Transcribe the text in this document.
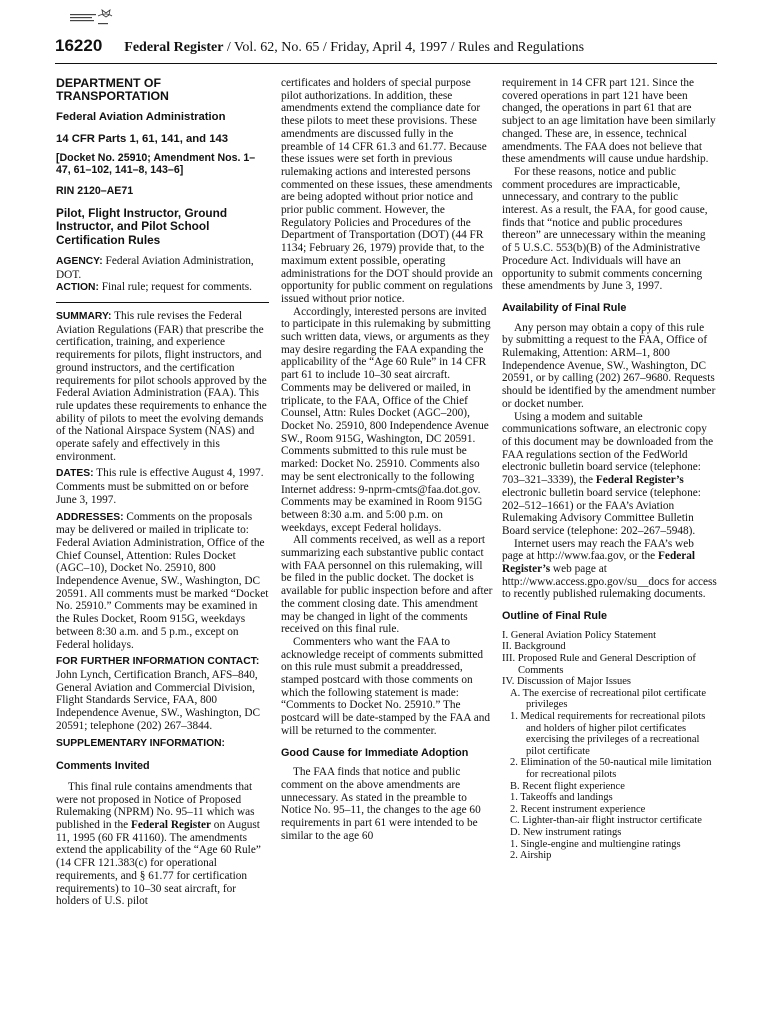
16220 Federal Register / Vol. 62, No. 65 / Friday, April 4, 1997 / Rules and Regulations

DEPARTMENT OF TRANSPORTATION

Federal Aviation Administration

14 CFR Parts 1, 61, 141, and 143

[Docket No. 25910; Amendment Nos. 1–47, 61–102, 141–8, 143–6]

RIN 2120–AE71

Pilot, Flight Instructor, Ground Instructor, and Pilot School Certification Rules

AGENCY: Federal Aviation Administration, DOT.

ACTION: Final rule; request for comments.

SUMMARY: This rule revises the Federal Aviation Regulations (FAR) that prescribe the certification, training, and experience requirements for pilots, flight instructors, and ground instructors, and the certification requirements for pilot schools approved by the Federal Aviation Administration (FAA). This rule updates these requirements to enhance the ability of pilots to meet the evolving demands of the National Airspace System (NAS) and operate safely and effectively in this environment.

DATES: This rule is effective August 4, 1997. Comments must be submitted on or before June 3, 1997.

ADDRESSES: Comments on the proposals may be delivered or mailed in triplicate to: Federal Aviation Administration, Office of the Chief Counsel, Attention: Rules Docket (AGC–10), Docket No. 25910, 800 Independence Avenue, SW., Washington, DC 20591. All comments must be marked “Docket No. 25910.” Comments may be examined in the Rules Docket, Room 915G, weekdays between 8:30 a.m. and 5 p.m., except on Federal holidays.

FOR FURTHER INFORMATION CONTACT: John Lynch, Certification Branch, AFS–840, General Aviation and Commercial Division, Flight Standards Service, FAA, 800 Independence Avenue, SW., Washington, DC 20591; telephone (202) 267–3844.

SUPPLEMENTARY INFORMATION:

Comments Invited

This final rule contains amendments that were not proposed in Notice of Proposed Rulemaking (NPRM) No. 95–11 which was published in the Federal Register on August 11, 1995 (60 FR 41160). The amendments extend the applicability of the “Age 60 Rule” (14 CFR 121.383(c) for operational requirements, and § 61.77 for certification requirements) to 10–30 seat aircraft, for holders of U.S. pilot

certificates and holders of special purpose pilot authorizations. In addition, these amendments extend the compliance date for these pilots to meet these provisions. These amendments are discussed fully in the preamble of 14 CFR 61.3 and 61.77. Because these issues were set forth in previous rulemaking actions and interested persons commented on these issues, these amendments are being adopted without prior notice and prior public comment. However, the Regulatory Policies and Procedures of the Department of Transportation (DOT) (44 FR 1134; February 26, 1979) provide that, to the maximum extent possible, operating administrations for the DOT should provide an opportunity for public comment on regulations issued without prior notice.

Accordingly, interested persons are invited to participate in this rulemaking by submitting such written data, views, or arguments as they may desire regarding the FAA expanding the applicability of the “Age 60 Rule” in 14 CFR part 61 to include 10–30 seat aircraft. Comments may be delivered or mailed, in triplicate, to the FAA, Office of the Chief Counsel, Attn: Rules Docket (AGC–200), Docket No. 25910, 800 Independence Avenue SW., Room 915G, Washington, DC 20591. Comments submitted to this rule must be marked: Docket No. 25910. Comments also may be sent electronically to the following Internet address: 9-nprm-cmts@faa.dot.gov. Comments may be examined in Room 915G between 8:30 a.m. and 5:00 p.m. on weekdays, except Federal holidays.

All comments received, as well as a report summarizing each substantive public contact with FAA personnel on this rulemaking, will be filed in the public docket. The docket is available for public inspection before and after the comment closing date. This amendment may be changed in light of the comments received on this final rule.

Commenters who want the FAA to acknowledge receipt of comments submitted on this rule must submit a preaddressed, stamped postcard with those comments on which the following statement is made: “Comments to Docket No. 25910.” The postcard will be date-stamped by the FAA and will be returned to the commenter.

Good Cause for Immediate Adoption

The FAA finds that notice and public comment on the above amendments are unnecessary. As stated in the preamble to Notice No. 95–11, the changes to the age 60 requirements in part 61 were intended to be similar to the age 60

requirement in 14 CFR part 121. Since the covered operations in part 121 have been changed, the operations in part 61 that are subject to an age limitation have been similarly changed. These are, in essence, technical amendments. The FAA does not believe that these amendments will cause undue hardship.

For these reasons, notice and public comment procedures are impracticable, unnecessary, and contrary to the public interest. As a result, the FAA, for good cause, finds that “notice and public procedures thereon” are unnecessary within the meaning of 5 U.S.C. 553(b)(B) of the Administrative Procedure Act. Individuals will have an opportunity to submit comments concerning these amendments by June 3, 1997.

Availability of Final Rule

Any person may obtain a copy of this rule by submitting a request to the FAA, Office of Rulemaking, Attention: ARM–1, 800 Independence Avenue, SW., Washington, DC 20591, or by calling (202) 267–9680. Requests should be identified by the amendment number or docket number.

Using a modem and suitable communications software, an electronic copy of this document may be downloaded from the FAA regulations section of the FedWorld electronic bulletin board service (telephone: 703–321–3339), the Federal Register’s electronic bulletin board service (telephone: 202–512–1661) or the FAA’s Aviation Rulemaking Advisory Committee Bulletin Board service (telephone: 202–267–5948).

Internet users may reach the FAA’s web page at http://www.faa.gov, or the Federal Register’s web page at http://www.access.gpo.gov/su__docs for access to recently published rulemaking documents.

Outline of Final Rule

I. General Aviation Policy Statement
II. Background
III. Proposed Rule and General Description of Comments
IV. Discussion of Major Issues
A. The exercise of recreational pilot certificate privileges
1. Medical requirements for recreational pilots and holders of higher pilot certificates exercising the privileges of a recreational pilot certificate
2. Elimination of the 50-nautical mile limitation for recreational pilots
B. Recent flight experience
1. Takeoffs and landings
2. Recent instrument experience
C. Lighter-than-air flight instructor certificate
D. New instrument ratings
1. Single-engine and multiengine ratings
2. Airship
